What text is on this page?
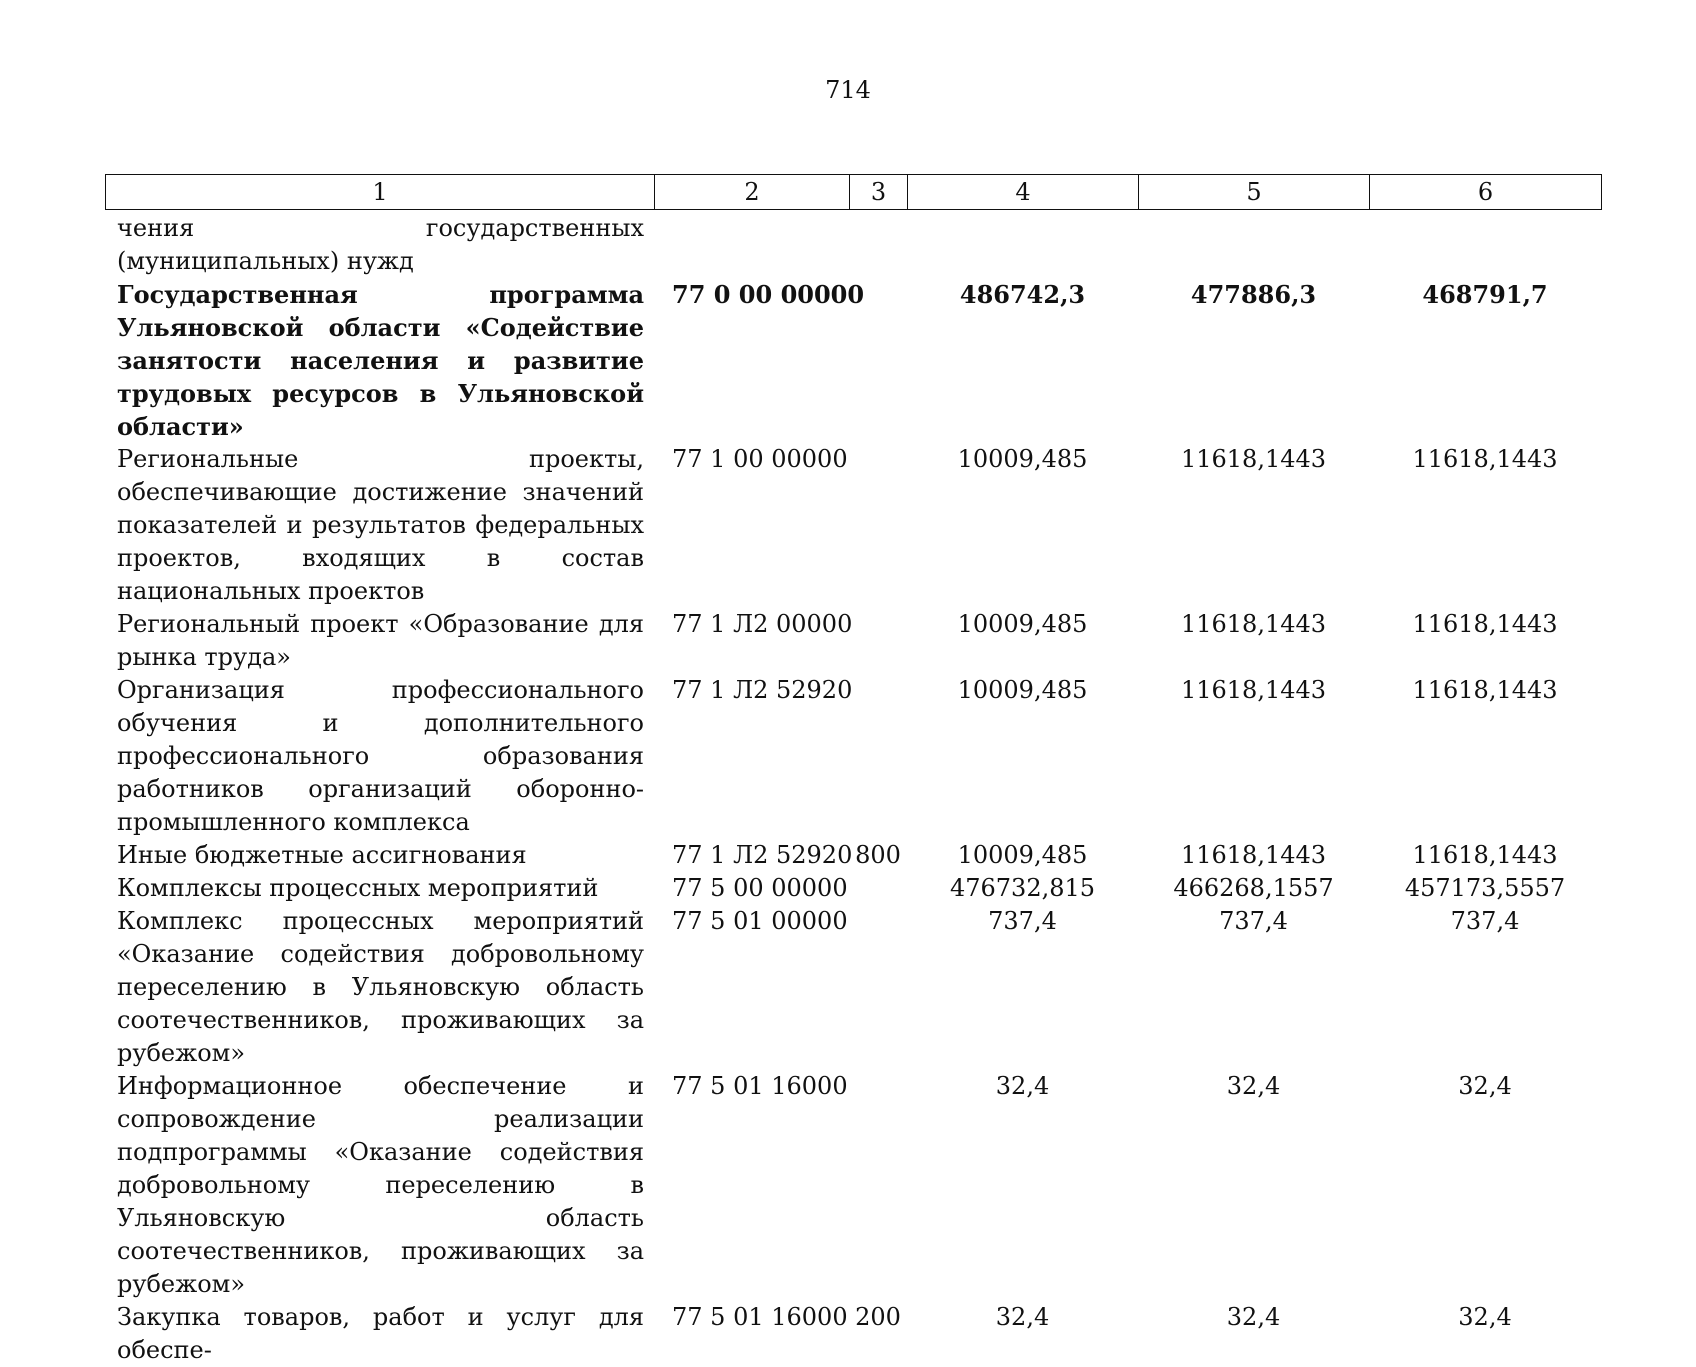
714
1	2	3	4	5	6
чения государственных (муниципальных) нужд					
Государственная программа Ульяновской области «Содействие занятости населения и развитие трудовых ресурсов в Ульяновской области»	77 0 00 00000		486742,3	477886,3	468791,7
Региональные проекты, обеспечивающие достижение значений показателей и результатов федеральных проектов, входящих в состав национальных проектов	77 1 00 00000		10009,485	11618,1443	11618,1443
Региональный проект «Образование для рынка труда»	77 1 Л2 00000		10009,485	11618,1443	11618,1443
Организация профессионального обучения и дополнительного профессионального образования работников организаций оборонно-промышленного комплекса	77 1 Л2 52920		10009,485	11618,1443	11618,1443
Иные бюджетные ассигнования	77 1 Л2 52920	800	10009,485	11618,1443	11618,1443
Комплексы процессных мероприятий	77 5 00 00000		476732,815	466268,1557	457173,5557
Комплекс процессных мероприятий «Оказание содействия добровольному переселению в Ульяновскую область соотечественников, проживающих за рубежом»	77 5 01 00000		737,4	737,4	737,4
Информационное обеспечение и сопровождение реализации подпрограммы «Оказание содействия добровольному переселению в Ульяновскую область соотечественников, проживающих за рубежом»	77 5 01 16000		32,4	32,4	32,4
Закупка товаров, работ и услуг для обеспе-	77 5 01 16000	200	32,4	32,4	32,4
